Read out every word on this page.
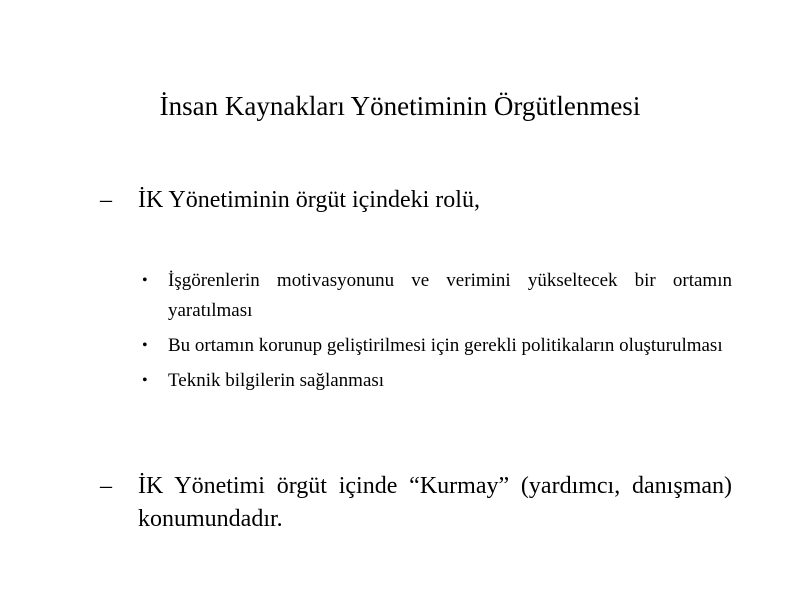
İnsan Kaynakları Yönetiminin Örgütlenmesi
–	İK Yönetiminin örgüt içindeki rolü,
• İşgörenlerin motivasyonunu ve verimini yükseltecek bir ortamın yaratılması
• Bu ortamın korunup geliştirilmesi için gerekli politikaların oluşturulması
• Teknik bilgilerin sağlanması
–	İK Yönetimi örgüt içinde “Kurmay” (yardımcı, danışman) konumundadır.
